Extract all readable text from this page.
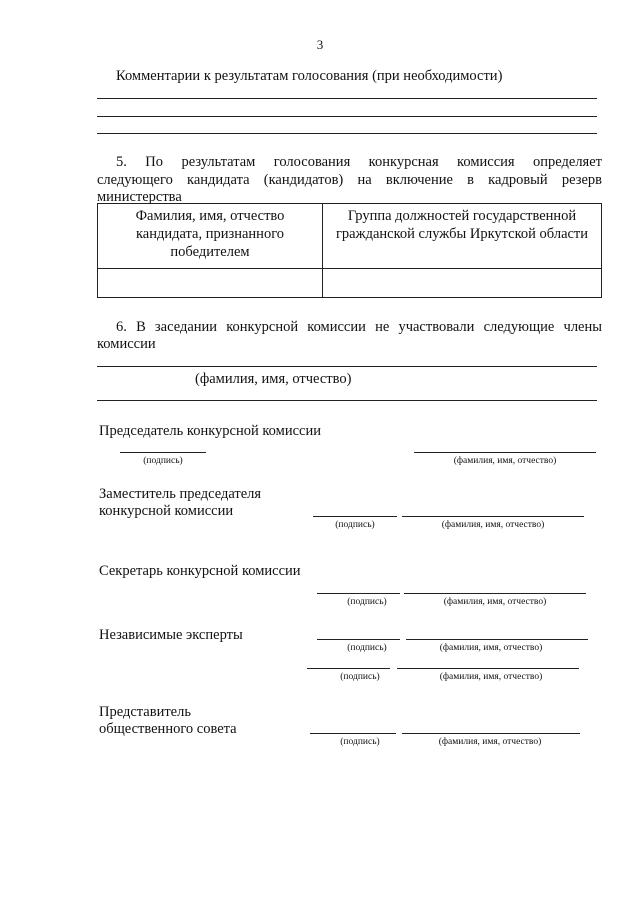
3
Комментарии к результатам голосования (при необходимости)
5. По результатам голосования конкурсная комиссия определяет
следующего кандидата (кандидатов) на включение в кадровый резерв
министерства
Фамилия, имя, отчество кандидата, признанного победителем	Группа должностей государственной гражданской службы Иркутской области

6. В заседании конкурсной комиссии не участвовали следующие члены
комиссии
(фамилия, имя, отчество)
Председатель конкурсной комиссии
(подпись)	(фамилия, имя, отчество)
Заместитель председателя
конкурсной комиссии
(подпись)	(фамилия, имя, отчество)
Секретарь конкурсной комиссии
(подпись)	(фамилия, имя, отчество)
Независимые эксперты
(подпись)	(фамилия, имя, отчество)
(подпись)	(фамилия, имя, отчество)
Представитель
общественного совета
(подпись)	(фамилия, имя, отчество)
